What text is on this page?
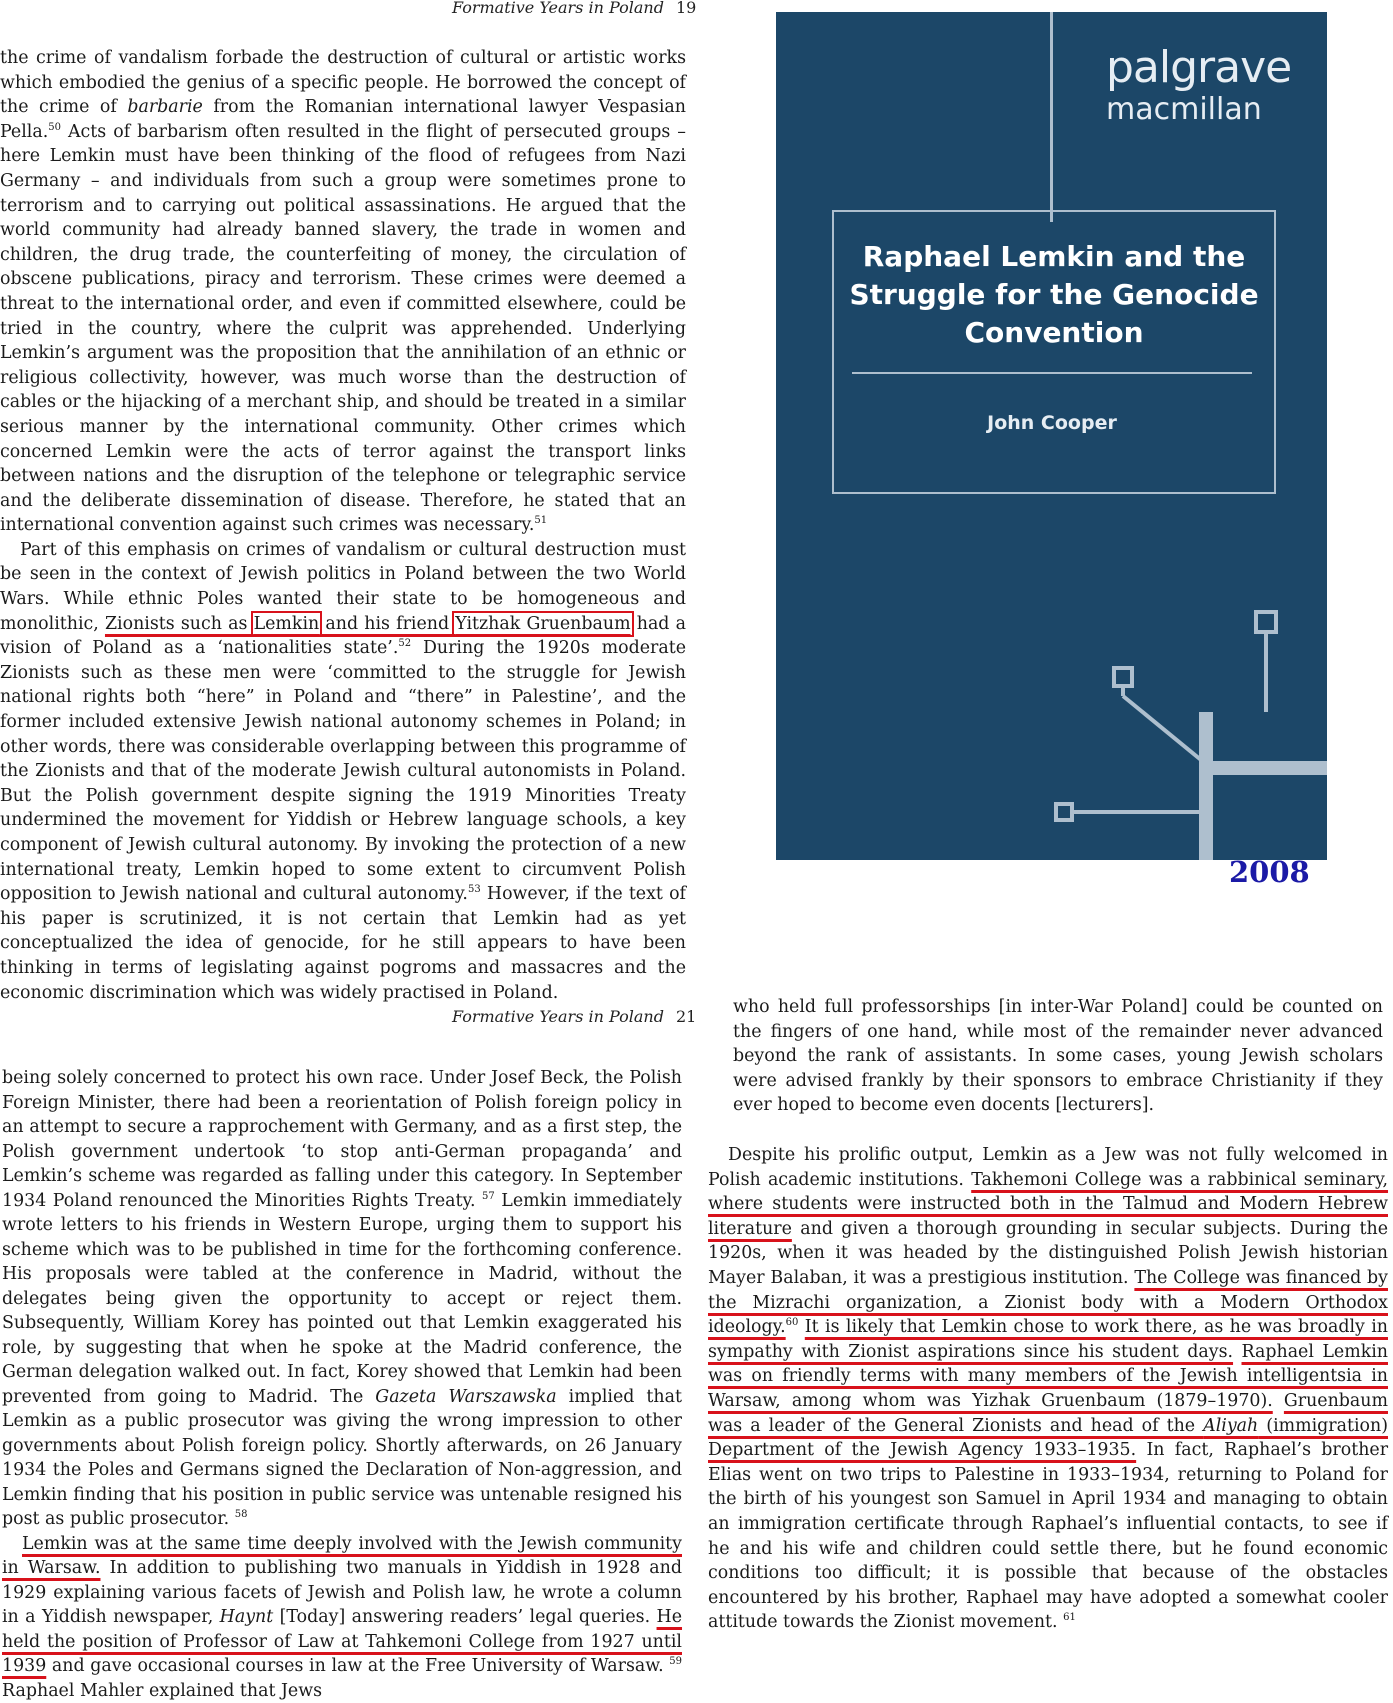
Formative Years in Poland 19

the crime of vandalism forbade the destruction of cultural or artistic works which embodied the genius of a specific people. He borrowed the concept of the crime of barbarie from the Romanian international lawyer Vespasian Pella.$^{50}$ Acts of barbarism often resulted in the flight of persecuted groups – here Lemkin must have been thinking of the flood of refugees from Nazi Germany – and individuals from such a group were sometimes prone to terrorism and to carrying out political assassinations. He argued that the world community had already banned slavery, the trade in women and children, the drug trade, the counterfeiting of money, the circulation of obscene publications, piracy and terrorism. These crimes were deemed a threat to the international order, and even if committed elsewhere, could be tried in the country, where the culprit was apprehended. Underlying Lemkin’s argument was the proposition that the annihilation of an ethnic or religious collectivity, however, was much worse than the destruction of cables or the hijacking of a merchant ship, and should be treated in a similar serious manner by the international community. Other crimes which concerned Lemkin were the acts of terror against the transport links between nations and the disruption of the telephone or telegraphic service and the deliberate dissemination of disease. Therefore, he stated that an international convention against such crimes was necessary.$^{51}$

Part of this emphasis on crimes of vandalism or cultural destruction must be seen in the context of Jewish politics in Poland between the two World Wars. While ethnic Poles wanted their state to be homogeneous and monolithic, Zionists such as Lemkin and his friend Yitzhak Gruenbaum had a vision of Poland as a ‘nationalities state’.$^{52}$ During the 1920s moderate Zionists such as these men were ‘committed to the struggle for Jewish national rights both “here” in Poland and “there” in Palestine’, and the former included extensive Jewish national autonomy schemes in Poland; in other words, there was considerable overlapping between this programme of the Zionists and that of the moderate Jewish cultural autonomists in Poland. But the Polish government despite signing the 1919 Minorities Treaty undermined the movement for Yiddish or Hebrew language schools, a key component of Jewish cultural autonomy. By invoking the protection of a new international treaty, Lemkin hoped to some extent to circumvent Polish opposition to Jewish national and cultural autonomy.$^{53}$ However, if the text of his paper is scrutinized, it is not certain that Lemkin had as yet conceptualized the idea of genocide, for he still appears to have been thinking in terms of legislating against pogroms and massacres and the economic discrimination which was widely practised in Poland.

palgrave
macmillan
Raphael Lemkin and the Struggle for the Genocide Convention
John Cooper
2008
Formative Years in Poland 21

being solely concerned to protect his own race. Under Josef Beck, the Polish Foreign Minister, there had been a reorientation of Polish foreign policy in an attempt to secure a rapprochement with Germany, and as a first step, the Polish government undertook ‘to stop anti-German propaganda’ and Lemkin’s scheme was regarded as falling under this category. In September 1934 Poland renounced the Minorities Rights Treaty. $^{57}$ Lemkin immediately wrote letters to his friends in Western Europe, urging them to support his scheme which was to be published in time for the forthcoming conference. His proposals were tabled at the conference in Madrid, without the delegates being given the opportunity to accept or reject them. Subsequently, William Korey has pointed out that Lemkin exaggerated his role, by suggesting that when he spoke at the Madrid conference, the German delegation walked out. In fact, Korey showed that Lemkin had been prevented from going to Madrid. The Gazeta Warszawska implied that Lemkin as a public prosecutor was giving the wrong impression to other governments about Polish foreign policy. Shortly afterwards, on 26 January 1934 the Poles and Germans signed the Declaration of Non-aggression, and Lemkin finding that his position in public service was untenable resigned his post as public prosecutor. $^{58}$

Lemkin was at the same time deeply involved with the Jewish community in Warsaw. In addition to publishing two manuals in Yiddish in 1928 and 1929 explaining various facets of Jewish and Polish law, he wrote a column in a Yiddish newspaper, Haynt [Today] answering readers’ legal queries. He held the position of Professor of Law at Tahkemoni College from 1927 until 1939 and gave occasional courses in law at the Free University of Warsaw. $^{59}$ Raphael Mahler explained that Jews

who held full professorships [in inter-War Poland] could be counted on the fingers of one hand, while most of the remainder never advanced beyond the rank of assistants. In some cases, young Jewish scholars were advised frankly by their sponsors to embrace Christianity if they ever hoped to become even docents [lecturers].

Despite his prolific output, Lemkin as a Jew was not fully welcomed in Polish academic institutions. Takhemoni College was a rabbinical seminary, where students were instructed both in the Talmud and Modern Hebrew literature and given a thorough grounding in secular subjects. During the 1920s, when it was headed by the distinguished Polish Jewish historian Mayer Balaban, it was a prestigious institution. The College was financed by the Mizrachi organization, a Zionist body with a Modern Orthodox ideology.$^{60}$ It is likely that Lemkin chose to work there, as he was broadly in sympathy with Zionist aspirations since his student days. Raphael Lemkin was on friendly terms with many members of the Jewish intelligentsia in Warsaw, among whom was Yizhak Gruenbaum (1879–1970). Gruenbaum was a leader of the General Zionists and head of the Aliyah (immigration) Department of the Jewish Agency 1933–1935. In fact, Raphael’s brother Elias went on two trips to Palestine in 1933–1934, returning to Poland for the birth of his youngest son Samuel in April 1934 and managing to obtain an immigration certificate through Raphael’s influential contacts, to see if he and his wife and children could settle there, but he found economic conditions too difficult; it is possible that because of the obstacles encountered by his brother, Raphael may have adopted a somewhat cooler attitude towards the Zionist movement. $^{61}$
